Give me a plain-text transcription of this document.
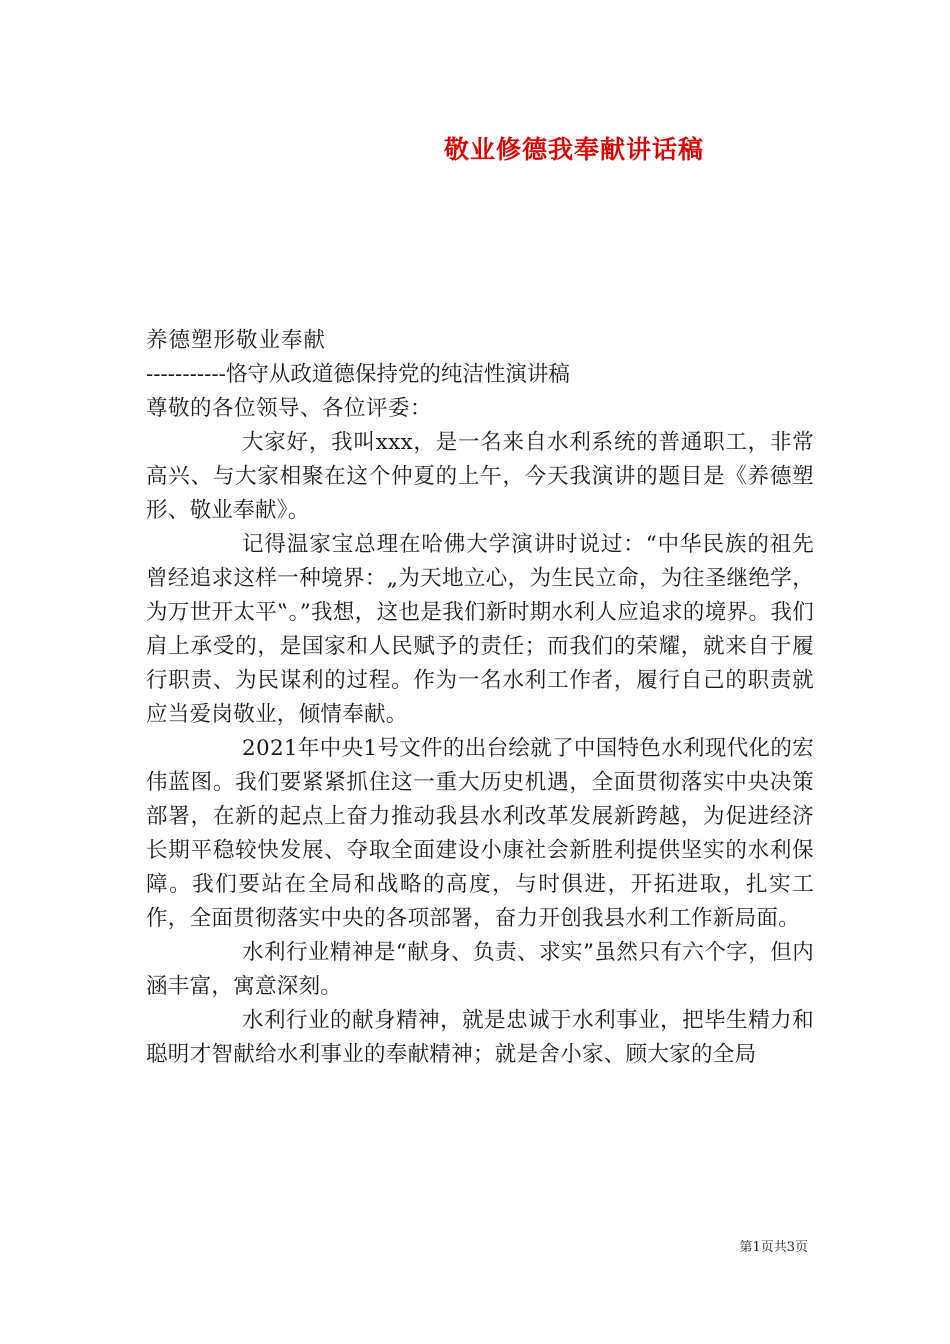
敬业修德我奉献讲话稿

养德塑形敬业奉献

-----------恪守从政道德保持党的纯洁性演讲稿

尊敬的各位领导、各位评委：

大家好，我叫xxx，是一名来自水利系统的普通职工，非常高兴、与大家相聚在这个仲夏的上午，今天我演讲的题目是《养德塑形、敬业奉献》。

记得温家宝总理在哈佛大学演讲时说过：“中华民族的祖先曾经追求这样一种境界：„为天地立心，为生民立命，为往圣继绝学，为万世开太平‟。”我想，这也是我们新时期水利人应追求的境界。我们肩上承受的，是国家和人民赋予的责任；而我们的荣耀，就来自于履行职责、为民谋利的过程。作为一名水利工作者，履行自己的职责就应当爱岗敬业，倾情奉献。

2021年中央1号文件的出台绘就了中国特色水利现代化的宏伟蓝图。我们要紧紧抓住这一重大历史机遇，全面贯彻落实中央决策部署，在新的起点上奋力推动我县水利改革发展新跨越，为促进经济长期平稳较快发展、夺取全面建设小康社会新胜利提供坚实的水利保障。我们要站在全局和战略的高度，与时俱进，开拓进取，扎实工作，全面贯彻落实中央的各项部署，奋力开创我县水利工作新局面。

水利行业精神是“献身、负责、求实”虽然只有六个字，但内涵丰富，寓意深刻。

水利行业的献身精神，就是忠诚于水利事业，把毕生精力和聪明才智献给水利事业的奉献精神；就是舍小家、顾大家的全局

第1页共3页
